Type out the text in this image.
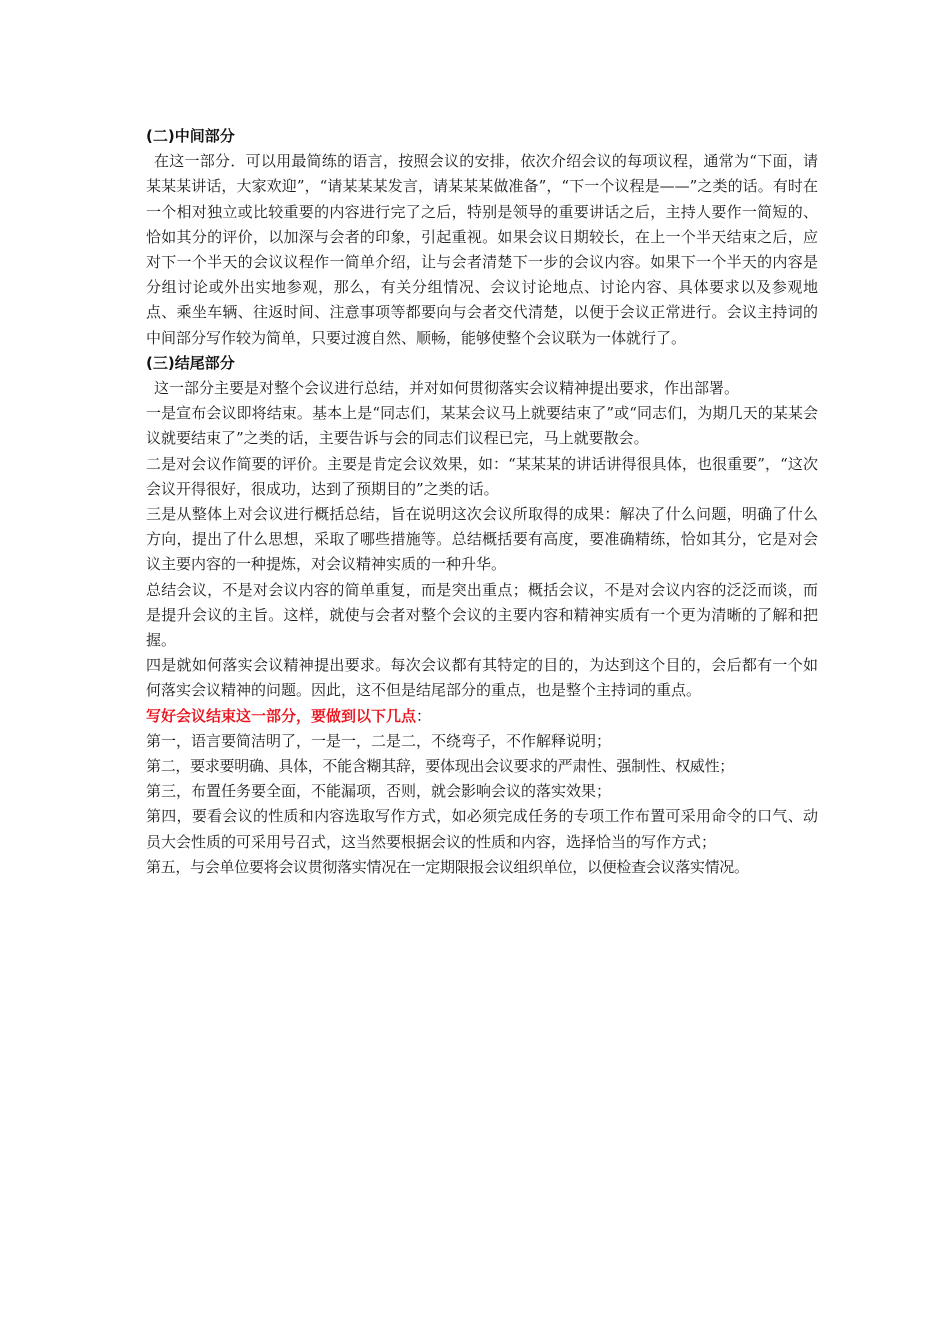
(二)中间部分

在这一部分．可以用最简练的语言，按照会议的安排，依次介绍会议的每项议程，通常为“下面，请某某某讲话，大家欢迎”，“请某某某发言，请某某某做准备”，“下一个议程是——”之类的话。有时在一个相对独立或比较重要的内容进行完了之后，特别是领导的重要讲话之后，主持人要作一简短的、恰如其分的评价，以加深与会者的印象，引起重视。如果会议日期较长，在上一个半天结束之后，应对下一个半天的会议议程作一简单介绍，让与会者清楚下一步的会议内容。如果下一个半天的内容是分组讨论或外出实地参观，那么，有关分组情况、会议讨论地点、讨论内容、具体要求以及参观地点、乘坐车辆、往返时间、注意事项等都要向与会者交代清楚，以便于会议正常进行。会议主持词的中间部分写作较为简单，只要过渡自然、顺畅，能够使整个会议联为一体就行了。

(三)结尾部分

这一部分主要是对整个会议进行总结，并对如何贯彻落实会议精神提出要求，作出部署。

一是宣布会议即将结束。基本上是“同志们，某某会议马上就要结束了”或“同志们，为期几天的某某会议就要结束了”之类的话，主要告诉与会的同志们议程已完，马上就要散会。

二是对会议作简要的评价。主要是肯定会议效果，如：“某某某的讲话讲得很具体，也很重要”，“这次会议开得很好，很成功，达到了预期目的”之类的话。

三是从整体上对会议进行概括总结，旨在说明这次会议所取得的成果：解决了什么问题，明确了什么方向，提出了什么思想，采取了哪些措施等。总结概括要有高度，要准确精练，恰如其分，它是对会议主要内容的一种提炼，对会议精神实质的一种升华。

总结会议，不是对会议内容的简单重复，而是突出重点；概括会议，不是对会议内容的泛泛而谈，而是提升会议的主旨。这样，就使与会者对整个会议的主要内容和精神实质有一个更为清晰的了解和把握。

四是就如何落实会议精神提出要求。每次会议都有其特定的目的，为达到这个目的，会后都有一个如何落实会议精神的问题。因此，这不但是结尾部分的重点，也是整个主持词的重点。

写好会议结束这一部分，要做到以下几点：

第一，语言要简洁明了，一是一，二是二，不绕弯子，不作解释说明；

第二，要求要明确、具体，不能含糊其辞，要体现出会议要求的严肃性、强制性、权威性；

第三，布置任务要全面，不能漏项，否则，就会影响会议的落实效果；

第四，要看会议的性质和内容选取写作方式，如必须完成任务的专项工作布置可采用命令的口气、动员大会性质的可采用号召式，这当然要根据会议的性质和内容，选择恰当的写作方式；

第五，与会单位要将会议贯彻落实情况在一定期限报会议组织单位，以便检查会议落实情况。
